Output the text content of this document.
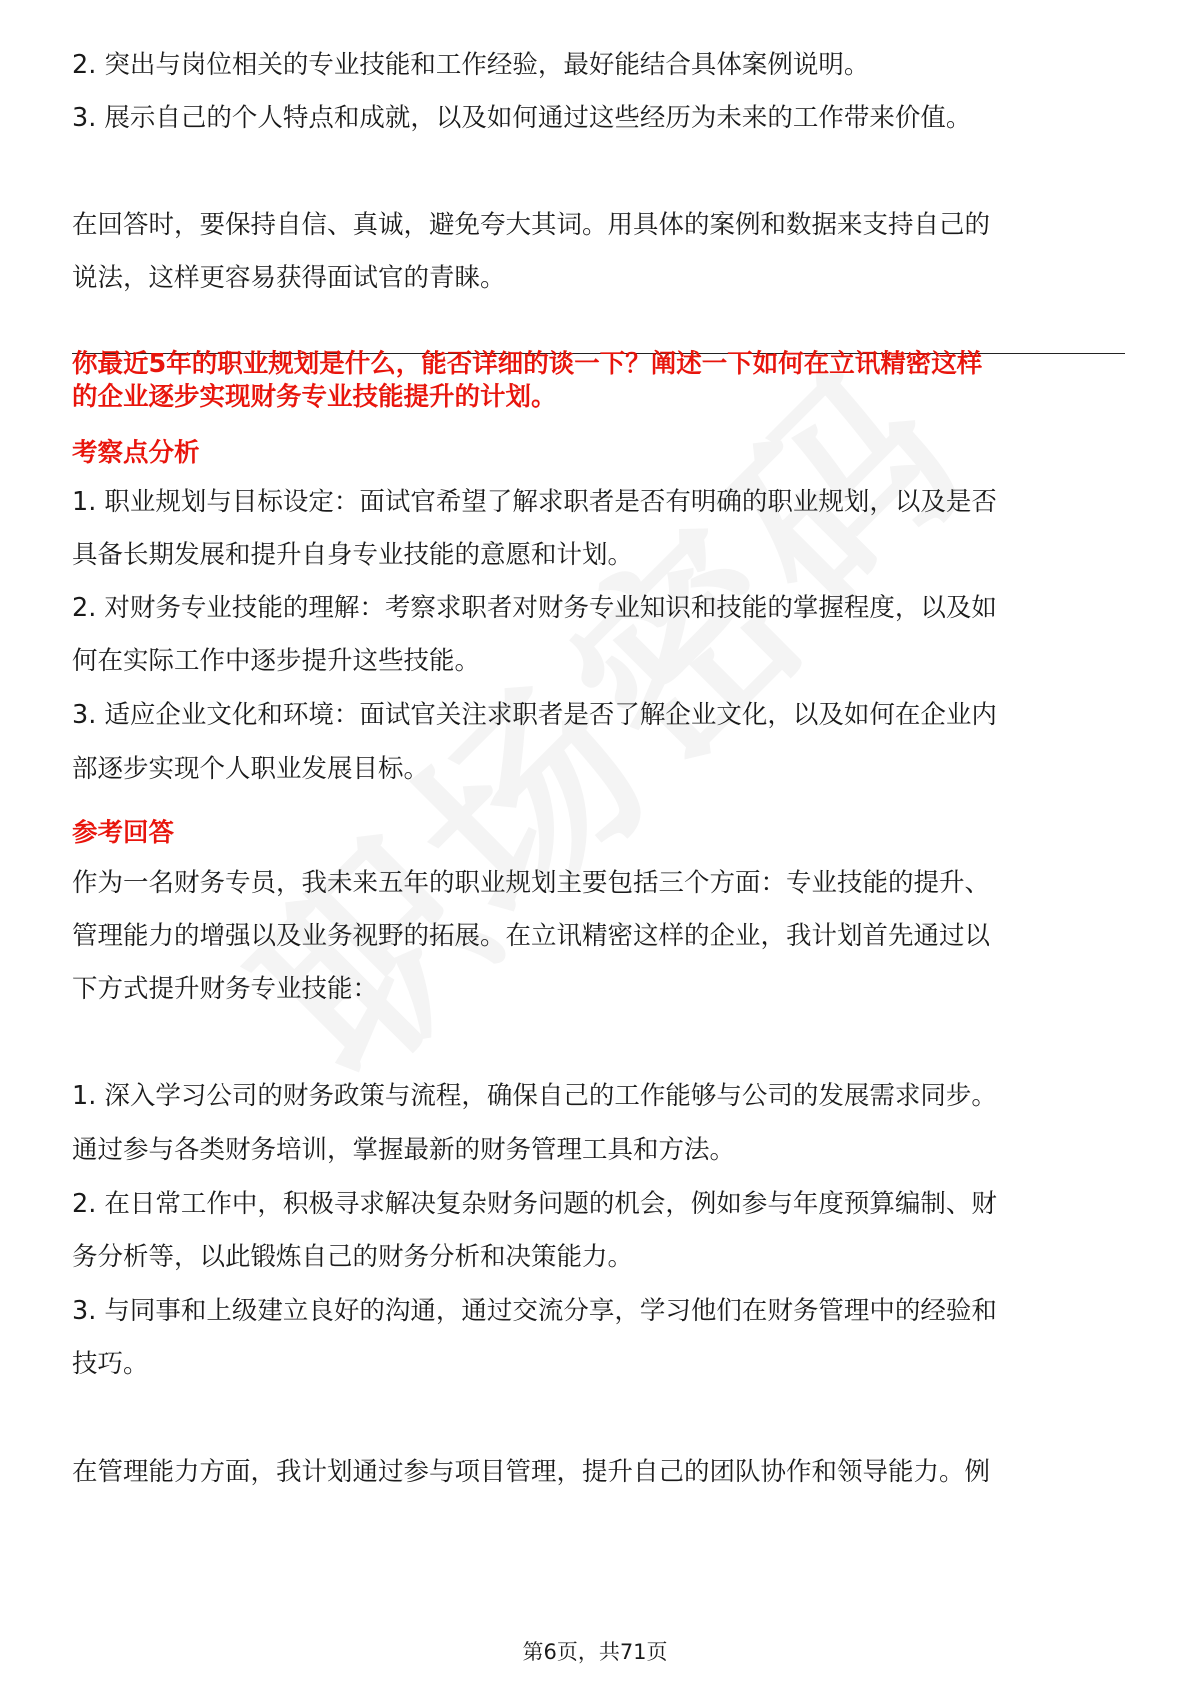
2. 突出与岗位相关的专业技能和工作经验，最好能结合具体案例说明。
3. 展示自己的个人特点和成就，以及如何通过这些经历为未来的工作带来价值。
在回答时，要保持自信、真诚，避免夸大其词。用具体的案例和数据来支持自己的
说法，这样更容易获得面试官的青睐。
你最近5年的职业规划是什么，能否详细的谈一下？阐述一下如何在立讯精密这样
的企业逐步实现财务专业技能提升的计划。
考察点分析
1. 职业规划与目标设定：面试官希望了解求职者是否有明确的职业规划，以及是否
具备长期发展和提升自身专业技能的意愿和计划。
2. 对财务专业技能的理解：考察求职者对财务专业知识和技能的掌握程度，以及如
何在实际工作中逐步提升这些技能。
3. 适应企业文化和环境：面试官关注求职者是否了解企业文化，以及如何在企业内
部逐步实现个人职业发展目标。
参考回答
作为一名财务专员，我未来五年的职业规划主要包括三个方面：专业技能的提升、
管理能力的增强以及业务视野的拓展。在立讯精密这样的企业，我计划首先通过以
下方式提升财务专业技能：
1. 深入学习公司的财务政策与流程，确保自己的工作能够与公司的发展需求同步。
通过参与各类财务培训，掌握最新的财务管理工具和方法。
2. 在日常工作中，积极寻求解决复杂财务问题的机会，例如参与年度预算编制、财
务分析等，以此锻炼自己的财务分析和决策能力。
3. 与同事和上级建立良好的沟通，通过交流分享，学习他们在财务管理中的经验和
技巧。
在管理能力方面，我计划通过参与项目管理，提升自己的团队协作和领导能力。例
第6页，共71页
